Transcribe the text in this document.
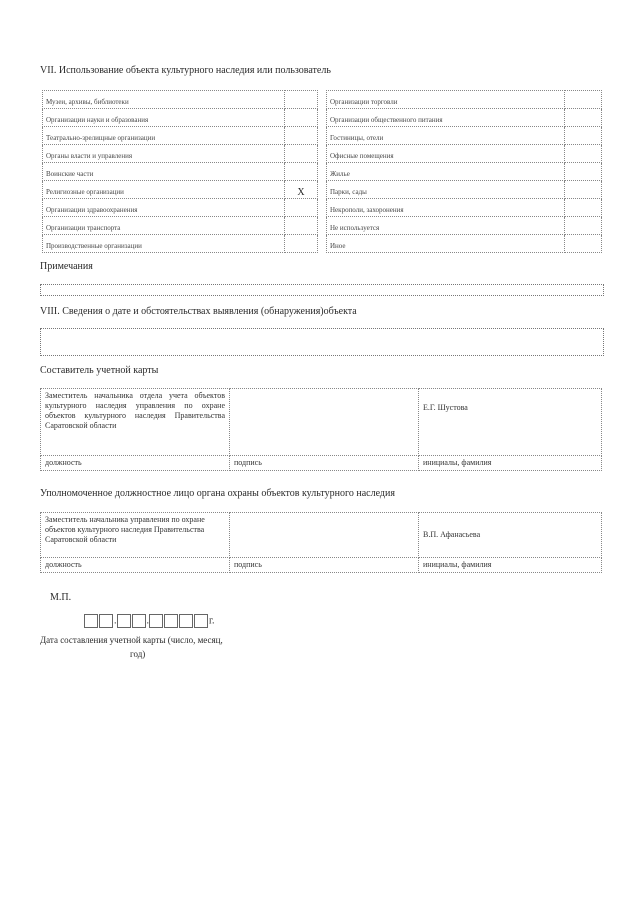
VII. Использование объекта культурного наследия или пользователь
Музеи, архивы, библиотеки	
Организации науки и образования	
Театрально-зрелищные организации	
Органы власти и управления	
Воинские части	
Религиозные организации	X
Организации здравоохранения	
Организации транспорта	
Производственные организации	
Организации торговли	
Организации общественного питания	
Гостиницы, отели	
Офисные помещения	
Жилье	
Парки, сады	
Некрополи, захоронения	
Не используется	
Иное	
Примечания
VIII. Сведения о дате и обстоятельствах выявления (обнаружения)объекта
Составитель учетной карты
Заместитель начальника отдела учета объектов культурного наследия управления по охране объектов культурного наследия Правительства Саратовской области		Е.Г. Шустова
должность	подпись	инициалы, фамилия
Уполномоченное должностное лицо органа охраны объектов культурного наследия
Заместитель начальника управления по охране объектов культурного наследия Правительства Саратовской области		В.П. Афанасьева
должность	подпись	инициалы, фамилия
М.П.
.	.	г.
Дата составления учетной карты (число, месяц,
год)
